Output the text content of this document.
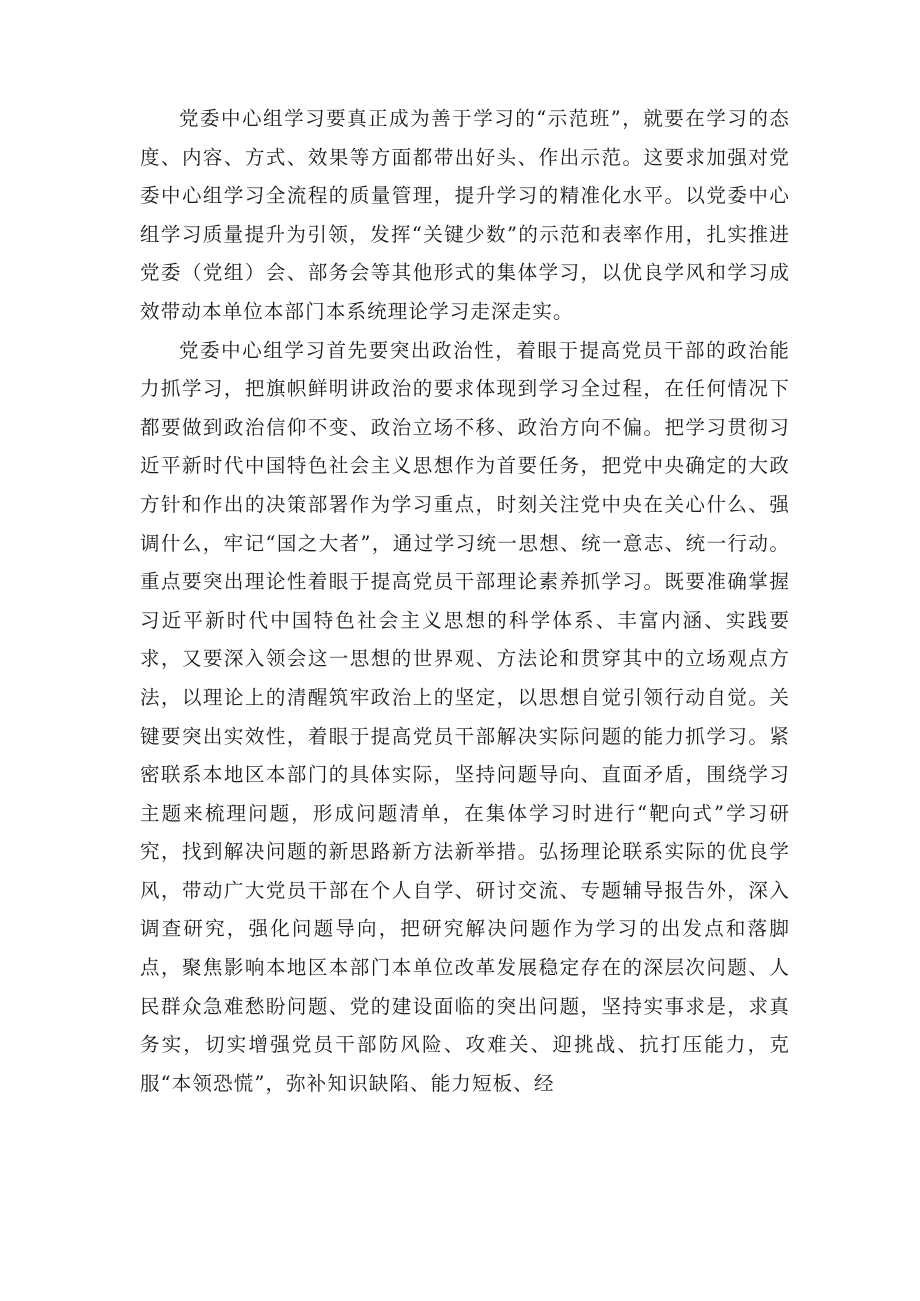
党委中心组学习要真正成为善于学习的“示范班”，就要在学习的态度、内容、方式、效果等方面都带出好头、作出示范。这要求加强对党委中心组学习全流程的质量管理，提升学习的精准化水平。以党委中心组学习质量提升为引领，发挥“关键少数”的示范和表率作用，扎实推进党委（党组）会、部务会等其他形式的集体学习，以优良学风和学习成效带动本单位本部门本系统理论学习走深走实。

党委中心组学习首先要突出政治性，着眼于提高党员干部的政治能力抓学习，把旗帜鲜明讲政治的要求体现到学习全过程，在任何情况下都要做到政治信仰不变、政治立场不移、政治方向不偏。把学习贯彻习近平新时代中国特色社会主义思想作为首要任务，把党中央确定的大政方针和作出的决策部署作为学习重点，时刻关注党中央在关心什么、强调什么，牢记“国之大者”，通过学习统一思想、统一意志、统一行动。重点要突出理论性着眼于提高党员干部理论素养抓学习。既要准确掌握习近平新时代中国特色社会主义思想的科学体系、丰富内涵、实践要求，又要深入领会这一思想的世界观、方法论和贯穿其中的立场观点方法，以理论上的清醒筑牢政治上的坚定，以思想自觉引领行动自觉。关键要突出实效性，着眼于提高党员干部解决实际问题的能力抓学习。紧密联系本地区本部门的具体实际，坚持问题导向、直面矛盾，围绕学习主题来梳理问题，形成问题清单，在集体学习时进行“靶向式”学习研究，找到解决问题的新思路新方法新举措。弘扬理论联系实际的优良学风，带动广大党员干部在个人自学、研讨交流、专题辅导报告外，深入调查研究，强化问题导向，把研究解决问题作为学习的出发点和落脚点，聚焦影响本地区本部门本单位改革发展稳定存在的深层次问题、人民群众急难愁盼问题、党的建设面临的突出问题，坚持实事求是，求真务实，切实增强党员干部防风险、攻难关、迎挑战、抗打压能力，克服“本领恐慌”，弥补知识缺陷、能力短板、经
